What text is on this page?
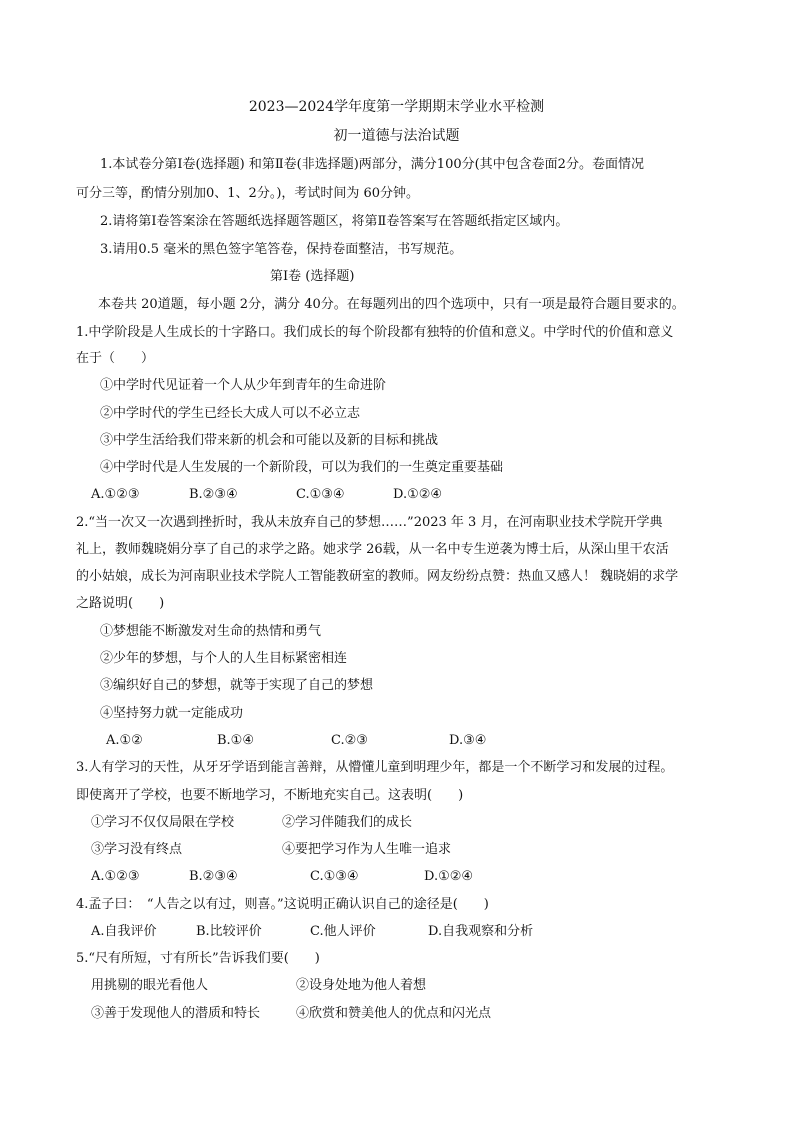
2023—2024学年度第一学期期末学业水平检测
初一道德与法治试题
1.本试卷分第Ⅰ卷(选择题) 和第Ⅱ卷(非选择题)两部分，满分100分(其中包含卷面2分。卷面情况
可分三等，酌情分别加0、1、2分。)，考试时间为 60分钟。
2.请将第Ⅰ卷答案涂在答题纸选择题答题区，将第Ⅱ卷答案写在答题纸指定区域内。
3.请用0.5 毫米的黑色签字笔答卷，保持卷面整洁，书写规范。
第Ⅰ卷 (选择题)
本卷共 20道题，每小题 2分，满分 40分。在每题列出的四个选项中，只有一项是最符合题目要求的。
1.中学阶段是人生成长的十字路口。我们成长的每个阶段都有独特的价值和意义。中学时代的价值和意义
在于（　　）
①中学时代见证着一个人从少年到青年的生命进阶
②中学时代的学生已经长大成人可以不必立志
③中学生活给我们带来新的机会和可能以及新的目标和挑战
④中学时代是人生发展的一个新阶段，可以为我们的一生奠定重要基础
A.①②③	B.②③④	C.①③④	D.①②④
2.“当一次又一次遇到挫折时，我从未放弃自己的梦想……”2023 年 3 月，在河南职业技术学院开学典
礼上，教师魏晓娟分享了自己的求学之路。她求学 26载，从一名中专生逆袭为博士后，从深山里干农活
的小姑娘，成长为河南职业技术学院人工智能教研室的教师。网友纷纷点赞：热血又感人！ 魏晓娟的求学
之路说明(　　)
①梦想能不断激发对生命的热情和勇气
②少年的梦想，与个人的人生目标紧密相连
③编织好自己的梦想，就等于实现了自己的梦想
④坚持努力就一定能成功
A.①②	B.①④	C.②③	D.③④
3.人有学习的天性，从牙牙学语到能言善辩，从懵懂儿童到明理少年，都是一个不断学习和发展的过程。
即使离开了学校，也要不断地学习，不断地充实自己。这表明(　　)
①学习不仅仅局限在学校	②学习伴随我们的成长
③学习没有终点	④要把学习作为人生唯一追求
A.①②③	B.②③④	C.①③④	D.①②④
4.孟子曰：　“人告之以有过，则喜。”这说明正确认识自己的途径是(　　)
A.自我评价	B.比较评价	C.他人评价	D.自我观察和分析
5.“尺有所短，寸有所长”告诉我们要(　　)
用挑剔的眼光看他人	②设身处地为他人着想
③善于发现他人的潜质和特长	④欣赏和赞美他人的优点和闪光点
